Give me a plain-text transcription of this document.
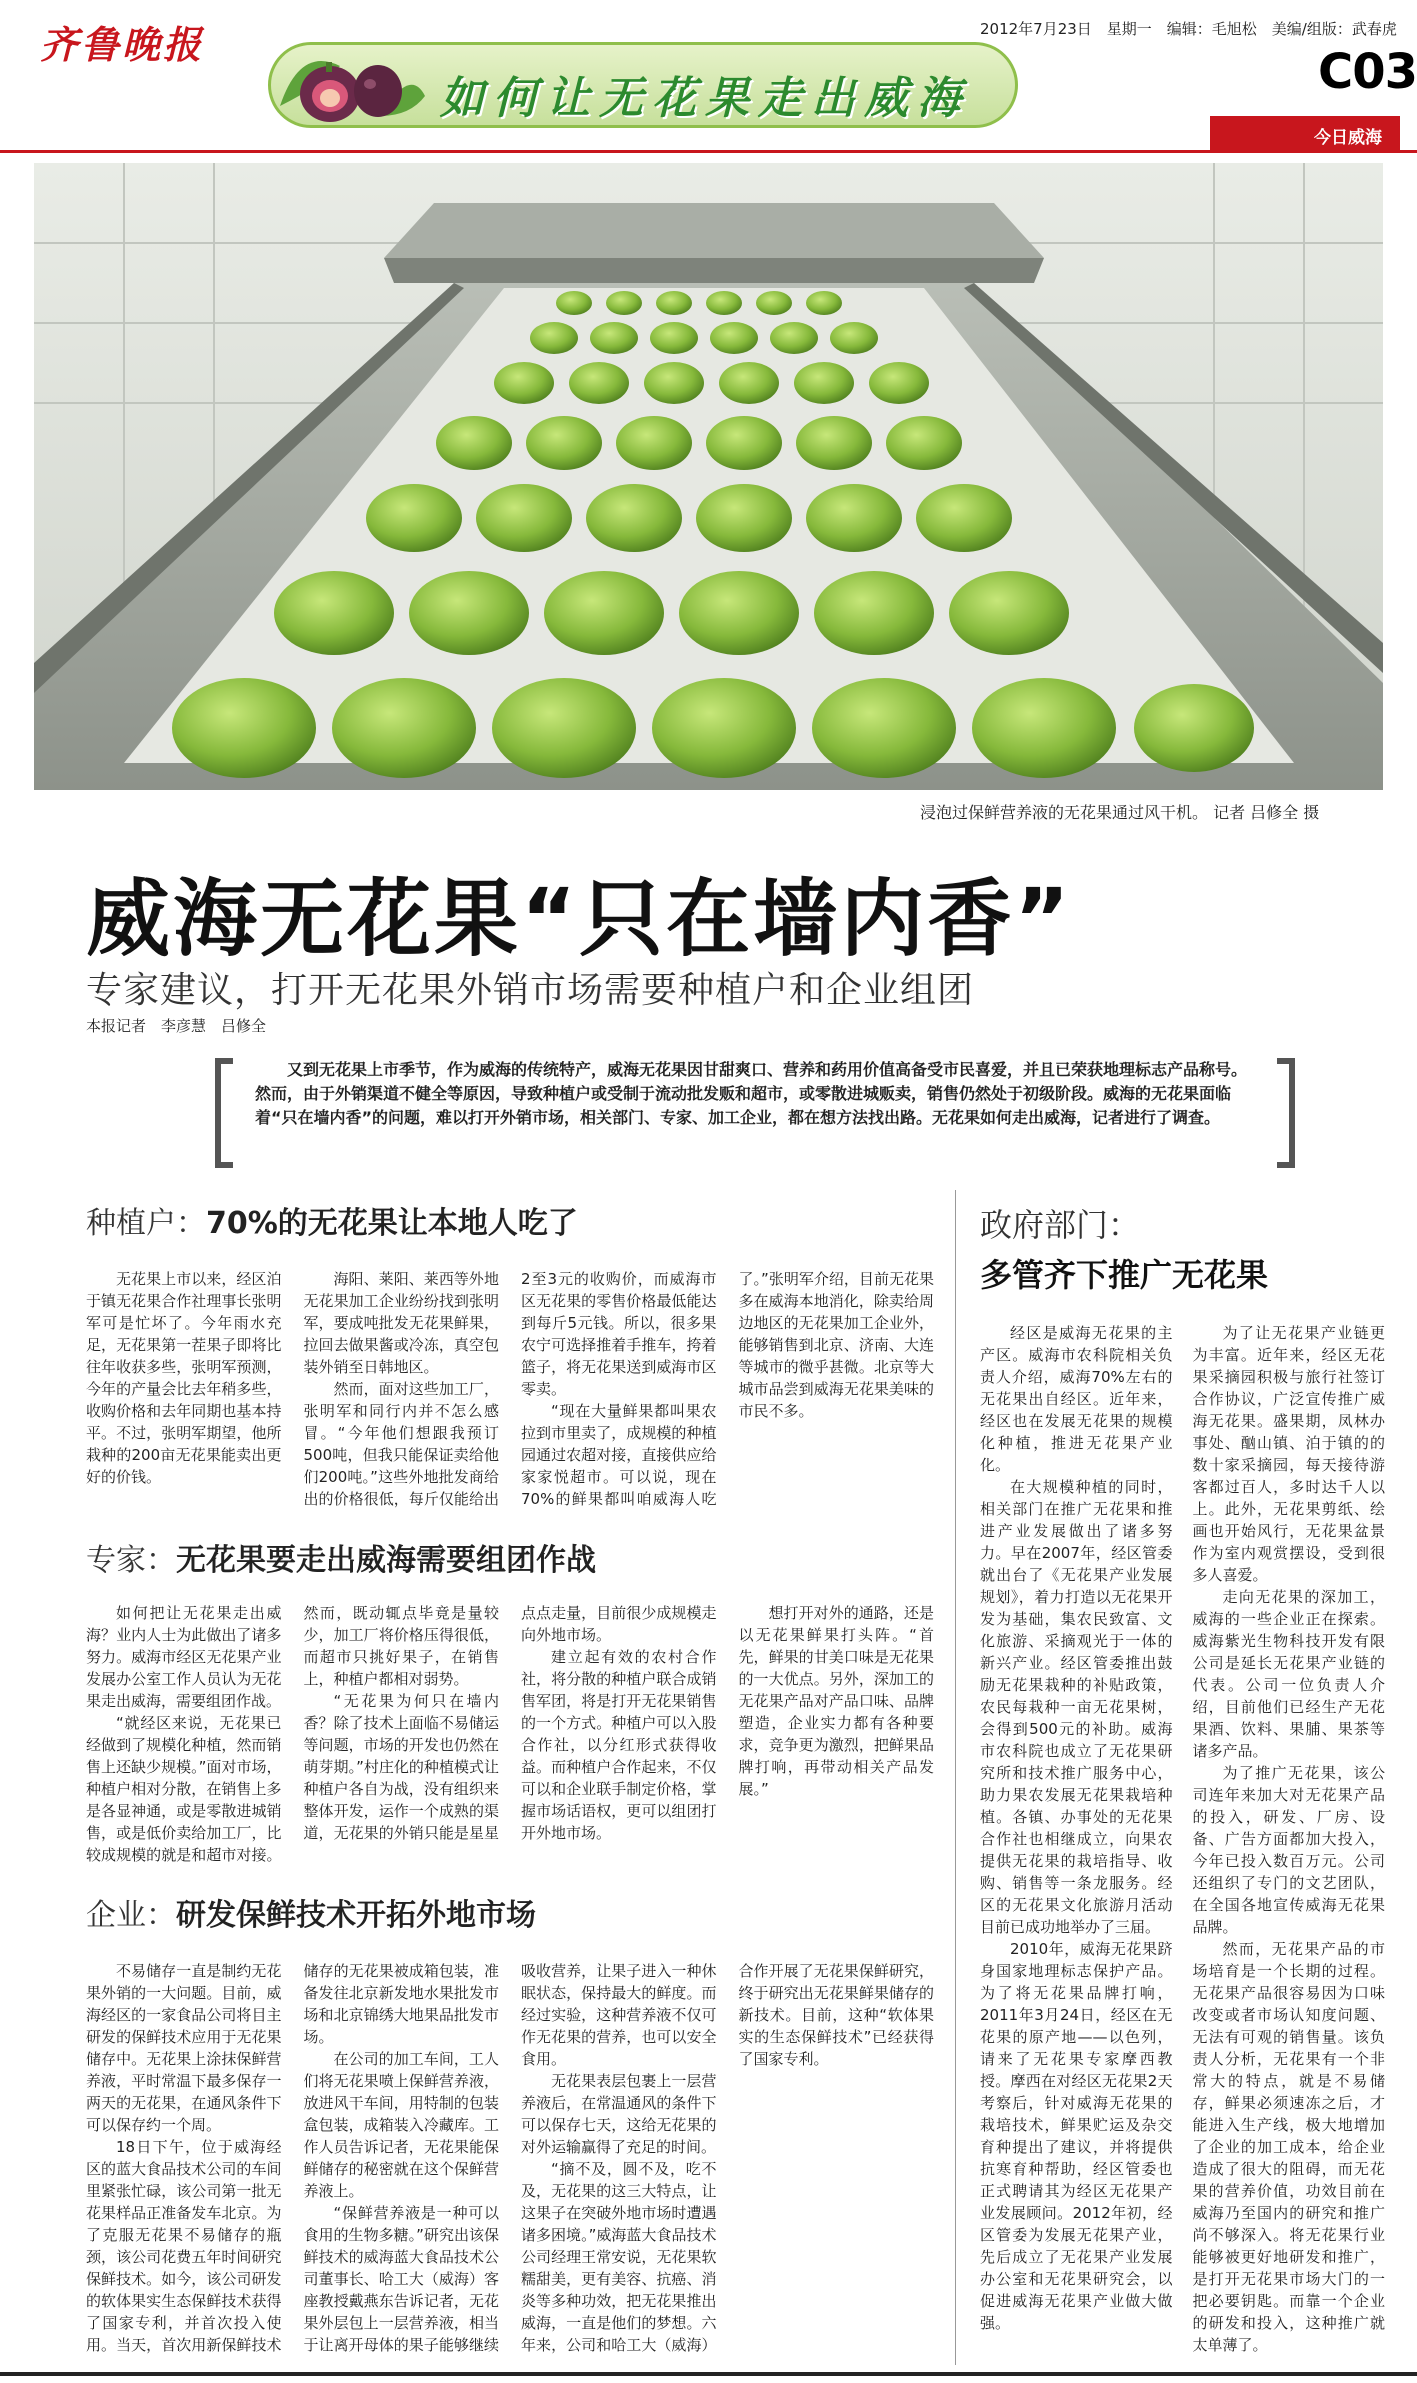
齐鲁晚报
如何让无花果走出威海
2012年7月23日　星期一　编辑：毛旭松　美编/组版：武春虎
C03
今日威海
浸泡过保鲜营养液的无花果通过风干机。 记者 吕修全 摄
威海无花果“只在墙内香”
专家建议，打开无花果外销市场需要种植户和企业组团
本报记者　李彦慧　吕修全

又到无花果上市季节，作为威海的传统特产，威海无花果因甘甜爽口、营养和药用价值高备受市民喜爱，并且已荣获地理标志产品称号。然而，由于外销渠道不健全等原因，导致种植户或受制于流动批发贩和超市，或零散进城贩卖，销售仍然处于初级阶段。威海的无花果面临着“只在墙内香”的问题，难以打开外销市场，相关部门、专家、加工企业，都在想方法找出路。无花果如何走出威海，记者进行了调查。

种植户：70%的无花果让本地人吃了

无花果上市以来，经区泊于镇无花果合作社理事长张明军可是忙坏了。今年雨水充足，无花果第一茬果子即将比往年收获多些，张明军预测，今年的产量会比去年稍多些，收购价格和去年同期也基本持平。不过，张明军期望，他所栽种的200亩无花果能卖出更好的价钱。

海阳、莱阳、莱西等外地无花果加工企业纷纷找到张明军，要成吨批发无花果鲜果，拉回去做果酱或冷冻，真空包装外销至日韩地区。

然而，面对这些加工厂，张明军和同行内并不怎么感冒。“今年他们想跟我预订500吨，但我只能保证卖给他们200吨。”这些外地批发商给出的价格很低，每斤仅能给出2至3元的收购价，而威海市区无花果的零售价格最低能达到每斤5元钱。所以，很多果农宁可选择推着手推车，挎着篮子，将无花果送到威海市区零卖。

“现在大量鲜果都叫果农拉到市里卖了，成规模的种植园通过农超对接，直接供应给家家悦超市。可以说，现在70%的鲜果都叫咱威海人吃了。”张明军介绍，目前无花果多在威海本地消化，除卖给周边地区的无花果加工企业外，能够销售到北京、济南、大连等城市的微乎甚微。北京等大城市品尝到威海无花果美味的市民不多。

专家：无花果要走出威海需要组团作战

如何把让无花果走出威海？业内人士为此做出了诸多努力。威海市经区无花果产业发展办公室工作人员认为无花果走出威海，需要组团作战。

“就经区来说，无花果已经做到了规模化种植，然而销售上还缺少规模。”面对市场，种植户相对分散，在销售上多是各显神通，或是零散进城销售，或是低价卖给加工厂，比较成规模的就是和超市对接。然而，既动辄点毕竟是量较少，加工厂将价格压得很低，而超市只挑好果子，在销售上，种植户都相对弱势。

“无花果为何只在墙内香？除了技术上面临不易储运等问题，市场的开发也仍然在萌芽期。”村庄化的种植模式让种植户各自为战，没有组织来整体开发，运作一个成熟的渠道，无花果的外销只能是星星点点走量，目前很少成规模走向外地市场。

建立起有效的农村合作社，将分散的种植户联合成销售军团，将是打开无花果销售的一个方式。种植户可以入股合作社，以分红形式获得收益。而种植户合作起来，不仅可以和企业联手制定价格，掌握市场话语权，更可以组团打开外地市场。

想打开对外的通路，还是以无花果鲜果打头阵。“首先，鲜果的甘美口味是无花果的一大优点。另外，深加工的无花果产品对产品口味、品牌塑造，企业实力都有各种要求，竞争更为激烈，把鲜果品牌打响，再带动相关产品发展。”

企业：研发保鲜技术开拓外地市场

不易储存一直是制约无花果外销的一大问题。目前，威海经区的一家食品公司将目主研发的保鲜技术应用于无花果储存中。无花果上涂抹保鲜营养液，平时常温下最多保存一两天的无花果，在通风条件下可以保存约一个周。

18日下午，位于威海经区的蓝大食品技术公司的车间里紧张忙碌，该公司第一批无花果样品正准备发车北京。为了克服无花果不易储存的瓶颈，该公司花费五年时间研究保鲜技术。如今，该公司研发的软体果实生态保鲜技术获得了国家专利，并首次投入使用。当天，首次用新保鲜技术储存的无花果被成箱包装，准备发往北京新发地水果批发市场和北京锦绣大地果品批发市场。

在公司的加工车间，工人们将无花果喷上保鲜营养液，放进风干车间，用特制的包装盒包装，成箱装入冷藏库。工作人员告诉记者，无花果能保鲜储存的秘密就在这个保鲜营养液上。

“保鲜营养液是一种可以食用的生物多糖。”研究出该保鲜技术的威海蓝大食品技术公司董事长、哈工大（威海）客座教授戴燕东告诉记者，无花果外层包上一层营养液，相当于让离开母体的果子能够继续吸收营养，让果子进入一种休眠状态，保持最大的鲜度。而经过实验，这种营养液不仅可作无花果的营养，也可以安全食用。

无花果表层包裹上一层营养液后，在常温通风的条件下可以保存七天，这给无花果的对外运输赢得了充足的时间。

“摘不及，圆不及，吃不及，无花果的这三大特点，让这果子在突破外地市场时遭遇诸多困境。”威海蓝大食品技术公司经理王常安说，无花果软糯甜美，更有美容、抗癌、消炎等多种功效，把无花果推出威海，一直是他们的梦想。六年来，公司和哈工大（威海）合作开展了无花果保鲜研究，终于研究出无花果鲜果储存的新技术。目前，这种“软体果实的生态保鲜技术”已经获得了国家专利。

政府部门：
多管齐下推广无花果

经区是威海无花果的主产区。威海市农科院相关负责人介绍，威海70%左右的无花果出自经区。近年来，经区也在发展无花果的规模化种植，推进无花果产业化。

在大规模种植的同时，相关部门在推广无花果和推进产业发展做出了诸多努力。早在2007年，经区管委就出台了《无花果产业发展规划》，着力打造以无花果开发为基础，集农民致富、文化旅游、采摘观光于一体的新兴产业。经区管委推出鼓励无花果栽种的补贴政策，农民每栽种一亩无花果树，会得到500元的补助。威海市农科院也成立了无花果研究所和技术推广服务中心，助力果农发展无花果栽培种植。各镇、办事处的无花果合作社也相继成立，向果农提供无花果的栽培指导、收购、销售等一条龙服务。经区的无花果文化旅游月活动目前已成功地举办了三届。

2010年，威海无花果跻身国家地理标志保护产品。为了将无花果品牌打响，2011年3月24日，经区在无花果的原产地——以色列，请来了无花果专家摩西教授。摩西在对经区无花果2天考察后，针对威海无花果的栽培技术，鲜果贮运及杂交育种提出了建议，并将提供抗寒育种帮助，经区管委也正式聘请其为经区无花果产业发展顾问。2012年初，经区管委为发展无花果产业，先后成立了无花果产业发展办公室和无花果研究会，以促进威海无花果产业做大做强。

为了让无花果产业链更为丰富。近年来，经区无花果采摘园积极与旅行社签订合作协议，广泛宣传推广威海无花果。盛果期，凤林办事处、酗山镇、泊于镇的的数十家采摘园，每天接待游客都过百人，多时达千人以上。此外，无花果剪纸、绘画也开始风行，无花果盆景作为室内观赏摆设，受到很多人喜爱。

走向无花果的深加工，威海的一些企业正在探索。威海紫光生物科技开发有限公司是延长无花果产业链的代表。公司一位负责人介绍，目前他们已经生产无花果酒、饮料、果脯、果茶等诸多产品。

为了推广无花果，该公司连年来加大对无花果产品的投入，研发、厂房、设备、广告方面都加大投入，今年已投入数百万元。公司还组织了专门的文艺团队，在全国各地宣传威海无花果品牌。

然而，无花果产品的市场培育是一个长期的过程。无花果产品很容易因为口味改变或者市场认知度问题、无法有可观的销售量。该负责人分析，无花果有一个非常大的特点，就是不易储存，鲜果必须速冻之后，才能进入生产线，极大地增加了企业的加工成本，给企业造成了很大的阻碍，而无花果的营养价值，功效目前在威海乃至国内的研究和推广尚不够深入。将无花果行业能够被更好地研发和推广，是打开无花果市场大门的一把必要钥匙。而靠一个企业的研发和投入，这种推广就太单薄了。
